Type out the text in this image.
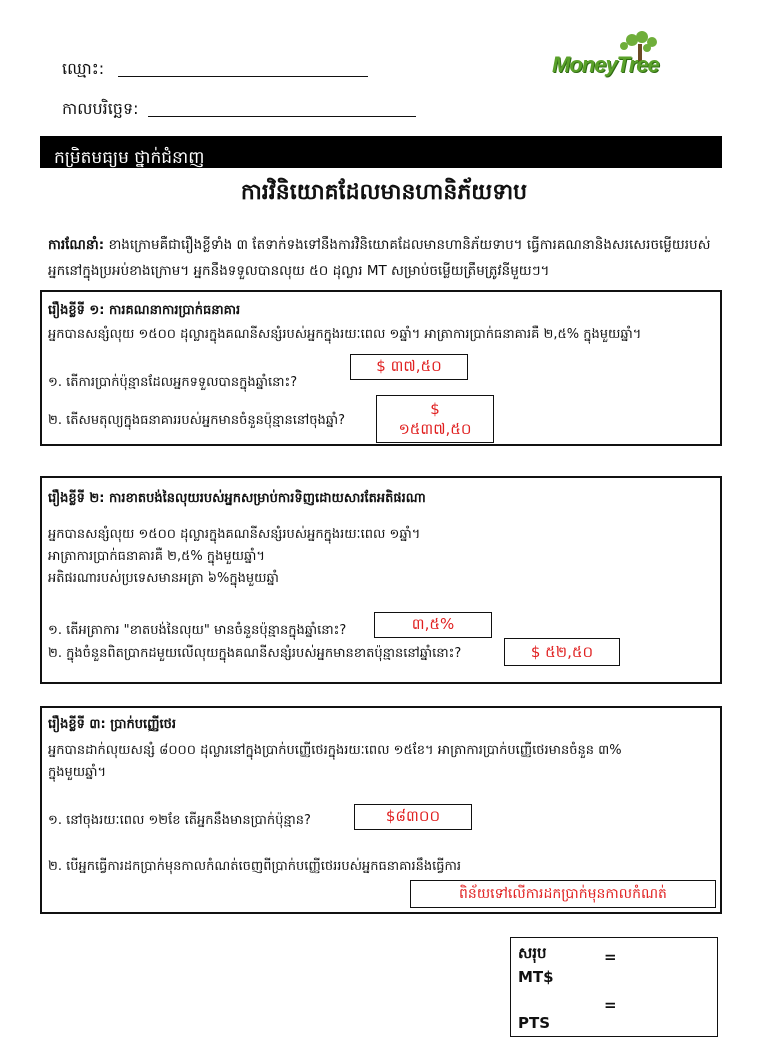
ឈ្មោះ:
កាលបរិច្ឆេទ:
MoneyTree
កម្រិតមធ្យម ថ្នាក់ជំនាញ
ការវិនិយោគដែលមានហានិភ័យទាប
ការណែនាំ: ខាងក្រោមគឺជារឿងខ្លីទាំង ៣ តែទាក់ទងទៅនឹងការវិនិយោគដែលមានហានិភ័យទាប។ ធ្វើការគណនានិងសរសេរចម្លើយរបស់អ្នកនៅក្នុងប្រអប់ខាងក្រោម។ អ្នកនឹងទទួលបានលុយ ៥០ ដុល្លារ MT សម្រាប់ចម្លើយត្រឹមត្រូវនីមួយៗ។
រឿងខ្លីទី ១: ការគណនាការប្រាក់ធនាគារ
អ្នកបានសន្សំលុយ ១៥០០ ដុល្លារក្នុងគណនីសន្សំរបស់អ្នកក្នុងរយៈពេល ១ឆ្នាំ។ អាត្រាការប្រាក់ធនាគារគឺ ២,៥% ក្នុងមួយឆ្នាំ។
១. តើការប្រាក់ប៉ុន្មានដែលអ្នកទទួលបានក្នុងឆ្នាំនោះ?
$ ៣៧,៥០
២. តើសមតុល្យក្នុងធនាគាររបស់អ្នកមានចំនួនប៉ុន្មាននៅចុងឆ្នាំ?
$
១៥៣៧,៥០
រឿងខ្លីទី ២: ការខាតបង់នៃលុយរបស់អ្នកសម្រាប់ការទិញដោយសារតែអតិផរណា
អ្នកបានសន្សំលុយ ១៥០០ ដុល្លារក្នុងគណនីសន្សំរបស់អ្នកក្នុងរយៈពេល ១ឆ្នាំ។
អាត្រាការប្រាក់ធនាគារគឺ ២,៥% ក្នុងមួយឆ្នាំ។
អតិផរណារបស់ប្រទេសមានអត្រា ៦%ក្នុងមួយឆ្នាំ
១. តើអត្រាការ "ខាតបង់នៃលុយ" មានចំនួនប៉ុន្មានក្នុងឆ្នាំនោះ?	៣,៥%
២. ក្នុងចំនួនពិតប្រាកដមួយលើលុយក្នុងគណនីសន្សំរបស់អ្នកមានខាតប៉ុន្មាននៅឆ្នាំនោះ?	$ ៥២,៥០
រឿងខ្លីទី ៣: ប្រាក់បញ្ញើថេរ
អ្នកបានដាក់លុយសន្សំ ៨០០០ ដុល្លារនៅក្នុងប្រាក់បញ្ញើថេរក្នុងរយៈពេល ១៥ខែ។ អាត្រាការប្រាក់បញ្ញើថេរមានចំនួន ៣%
ក្នុងមួយឆ្នាំ។
១. នៅចុងរយៈពេល ១២ខែ តើអ្នកនឹងមានប្រាក់ប៉ុន្មាន?	$៨៣០០
២. បើអ្នកធ្វើការដកប្រាក់មុនកាលកំណត់ចេញពីប្រាក់បញ្ញើថេររបស់អ្នកធនាគារនឹងធ្វើការ
ពិន័យទៅលើការដកប្រាក់មុនកាលកំណត់
សរុប	=
MT$
=
PTS
